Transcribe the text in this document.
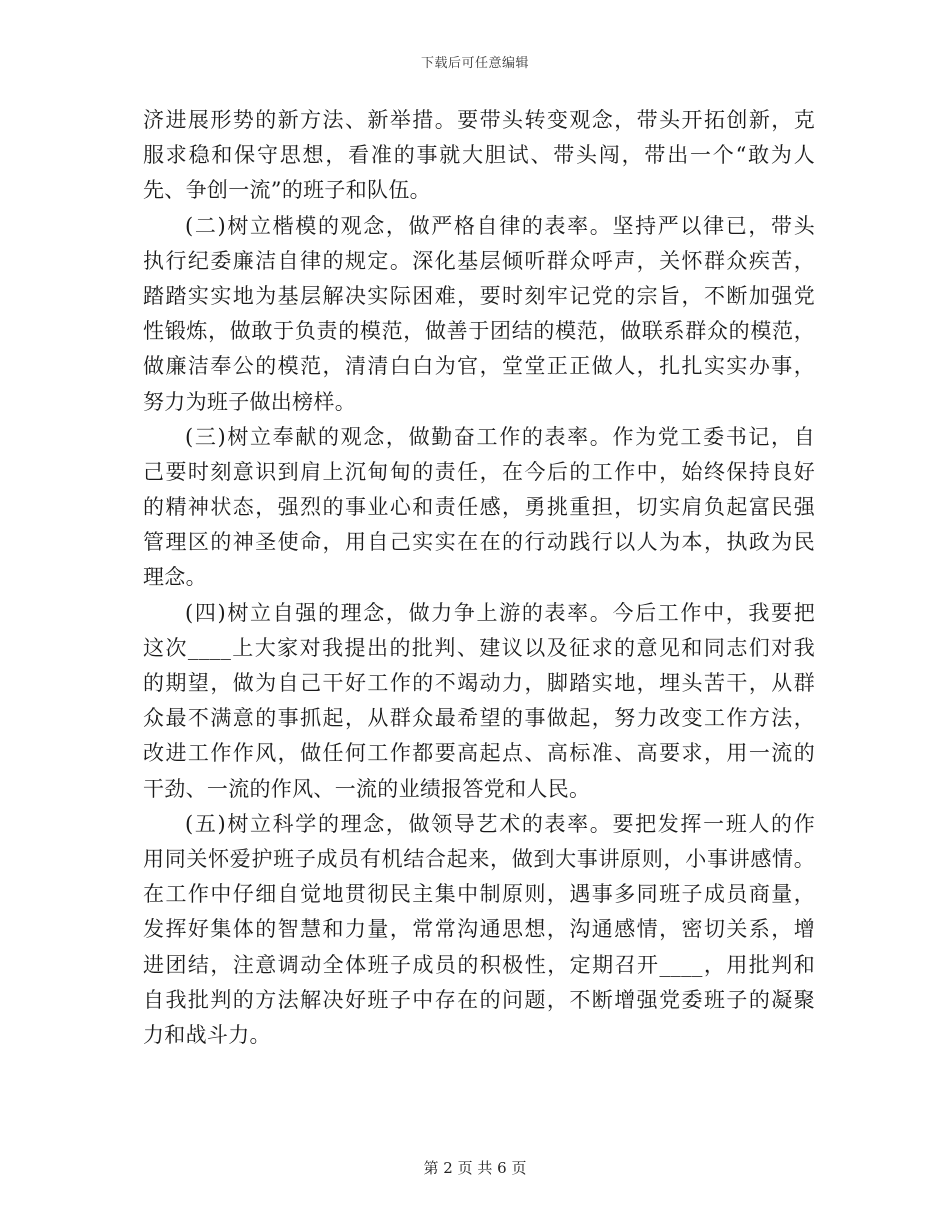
下载后可任意编辑
济进展形势的新方法、新举措。要带头转变观念，带头开拓创新，克
服求稳和保守思想，看准的事就大胆试、带头闯，带出一个“敢为人
先、争创一流”的班子和队伍。
(二)树立楷模的观念，做严格自律的表率。坚持严以律已，带头
执行纪委廉洁自律的规定。深化基层倾听群众呼声，关怀群众疾苦，
踏踏实实地为基层解决实际困难，要时刻牢记党的宗旨，不断加强党
性锻炼，做敢于负责的模范，做善于团结的模范，做联系群众的模范，
做廉洁奉公的模范，清清白白为官，堂堂正正做人，扎扎实实办事，
努力为班子做出榜样。
(三)树立奉献的观念，做勤奋工作的表率。作为党工委书记，自
己要时刻意识到肩上沉甸甸的责任，在今后的工作中，始终保持良好
的精神状态，强烈的事业心和责任感，勇挑重担，切实肩负起富民强
管理区的神圣使命，用自己实实在在的行动践行以人为本，执政为民
理念。
(四)树立自强的理念，做力争上游的表率。今后工作中，我要把
这次____上大家对我提出的批判、建议以及征求的意见和同志们对我
的期望，做为自己干好工作的不竭动力，脚踏实地，埋头苦干，从群
众最不满意的事抓起，从群众最希望的事做起，努力改变工作方法，
改进工作作风，做任何工作都要高起点、高标准、高要求，用一流的
干劲、一流的作风、一流的业绩报答党和人民。
(五)树立科学的理念，做领导艺术的表率。要把发挥一班人的作
用同关怀爱护班子成员有机结合起来，做到大事讲原则，小事讲感情。
在工作中仔细自觉地贯彻民主集中制原则，遇事多同班子成员商量，
发挥好集体的智慧和力量，常常沟通思想，沟通感情，密切关系，增
进团结，注意调动全体班子成员的积极性，定期召开____，用批判和
自我批判的方法解决好班子中存在的问题，不断增强党委班子的凝聚
力和战斗力。
第 2 页 共 6 页
